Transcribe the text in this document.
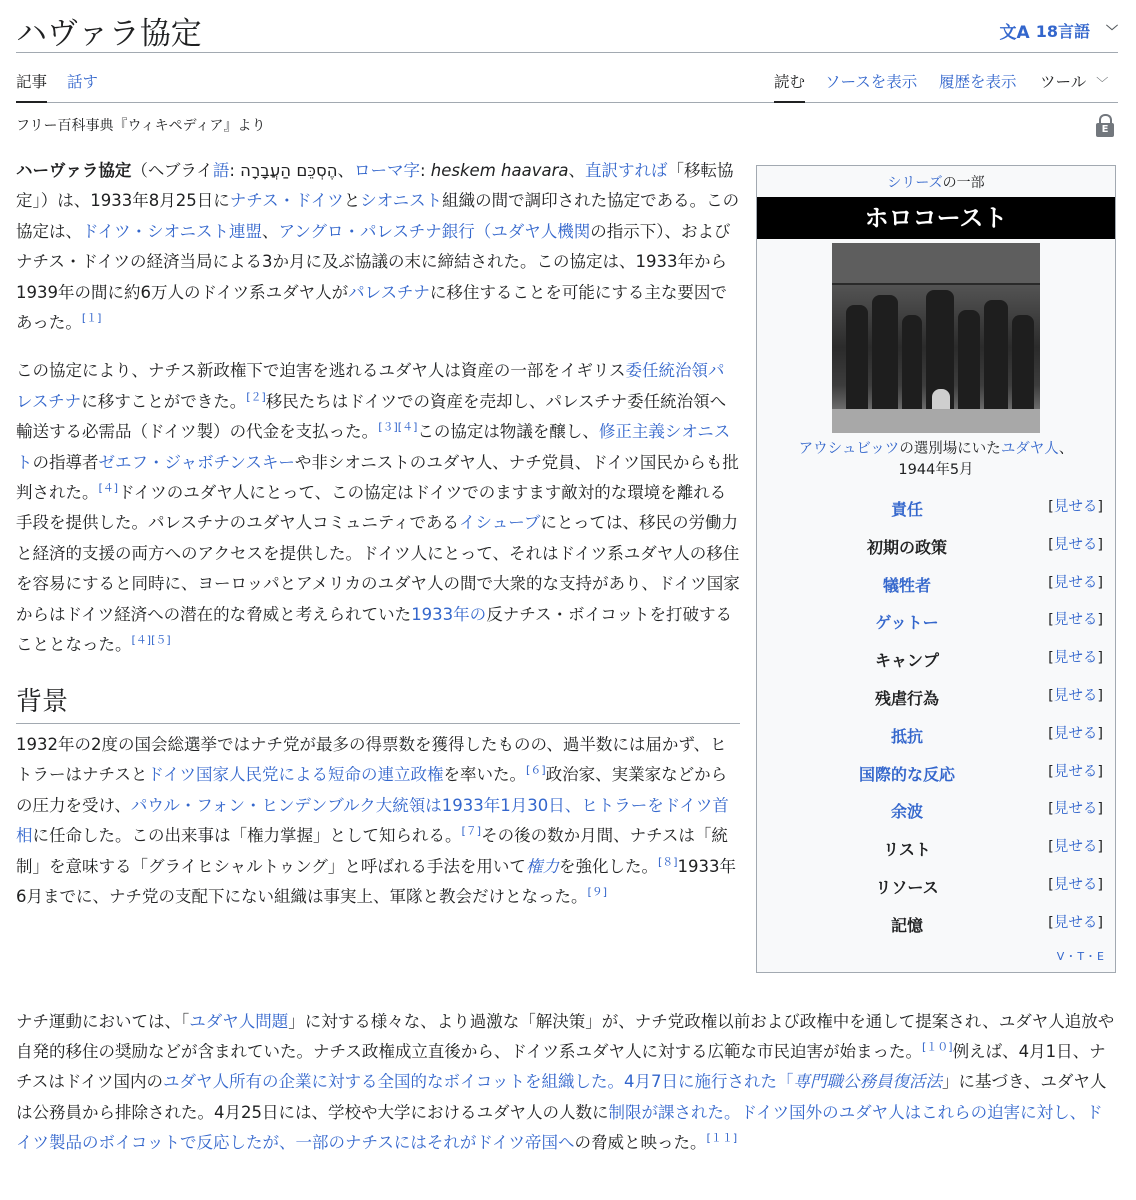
ハヴァラ協定	文A 18言語 ﹀
記事 話す	読む ソースを表示 履歴を表示 ツール ﹀
フリー百科事典『ウィキペディア』より	E

ハーヴァラ協定（ヘブライ語: הֶסְכֵּם הַעֲבָרָה、ローマ字: heskem haavara、直訳すれば「移転協定」）は、1933年8月25日にナチス・ドイツとシオニスト組織の間で調印された協定である。この協定は、ドイツ・シオニスト連盟、アングロ・パレスチナ銀行（ユダヤ人機関の指示下）、およびナチス・ドイツの経済当局による3か月に及ぶ協議の末に締結された。この協定は、1933年から1939年の間に約6万人のドイツ系ユダヤ人がパレスチナに移住することを可能にする主な要因であった。[１]

この協定により、ナチス新政権下で迫害を逃れるユダヤ人は資産の一部をイギリス委任統治領パレスチナに移すことができた。[２]移民たちはドイツでの資産を売却し、パレスチナ委任統治領へ輸送する必需品（ドイツ製）の代金を支払った。[３][４]この協定は物議を醸し、修正主義シオニストの指導者ゼエフ・ジャボチンスキーや非シオニストのユダヤ人、ナチ党員、ドイツ国民からも批判された。[４]ドイツのユダヤ人にとって、この協定はドイツでのますます敵対的な環境を離れる手段を提供した。パレスチナのユダヤ人コミュニティであるイシューブにとっては、移民の労働力と経済的支援の両方へのアクセスを提供した。ドイツ人にとって、それはドイツ系ユダヤ人の移住を容易にすると同時に、ヨーロッパとアメリカのユダヤ人の間で大衆的な支持があり、ドイツ国家からはドイツ経済への潜在的な脅威と考えられていた1933年の反ナチス・ボイコットを打破することとなった。[４][５]

背景

1932年の2度の国会総選挙ではナチ党が最多の得票数を獲得したものの、過半数には届かず、ヒトラーはナチスとドイツ国家人民党による短命の連立政権を率いた。[６]政治家、実業家などからの圧力を受け、パウル・フォン・ヒンデンブルク大統領は1933年1月30日、ヒトラーをドイツ首相に任命した。この出来事は「権力掌握」として知られる。[７]その後の数か月間、ナチスは「統制」を意味する「グライヒシャルトゥング」と呼ばれる手法を用いて権力を強化した。[８]1933年6月までに、ナチ党の支配下にない組織は事実上、軍隊と教会だけとなった。[９]

ナチ運動においては、「ユダヤ人問題」に対する様々な、より過激な「解決策」が、ナチ党政権以前および政権中を通して提案され、ユダヤ人追放や自発的移住の奨励などが含まれていた。ナチス政権成立直後から、ドイツ系ユダヤ人に対する広範な市民迫害が始まった。[１０]例えば、4月1日、ナチスはドイツ国内のユダヤ人所有の企業に対する全国的なボイコットを組織した。4月7日に施行された「専門職公務員復活法」に基づき、ユダヤ人は公務員から排除された。4月25日には、学校や大学におけるユダヤ人の人数に制限が課された。ドイツ国外のユダヤ人はこれらの迫害に対し、ドイツ製品のボイコットで反応したが、一部のナチスにはそれがドイツ帝国への脅威と映った。[１１]

シリーズの一部
ホロコースト
アウシュビッツの選別場にいたユダヤ人、
1944年5月
責任	[見せる]
初期の政策	[見せる]
犠牲者	[見せる]
ゲットー	[見せる]
キャンプ	[見せる]
残虐行為	[見せる]
抵抗	[見せる]
国際的な反応	[見せる]
余波	[見せる]
リスト	[見せる]
リソース	[見せる]
記憶	[見せる]
V・T・E
